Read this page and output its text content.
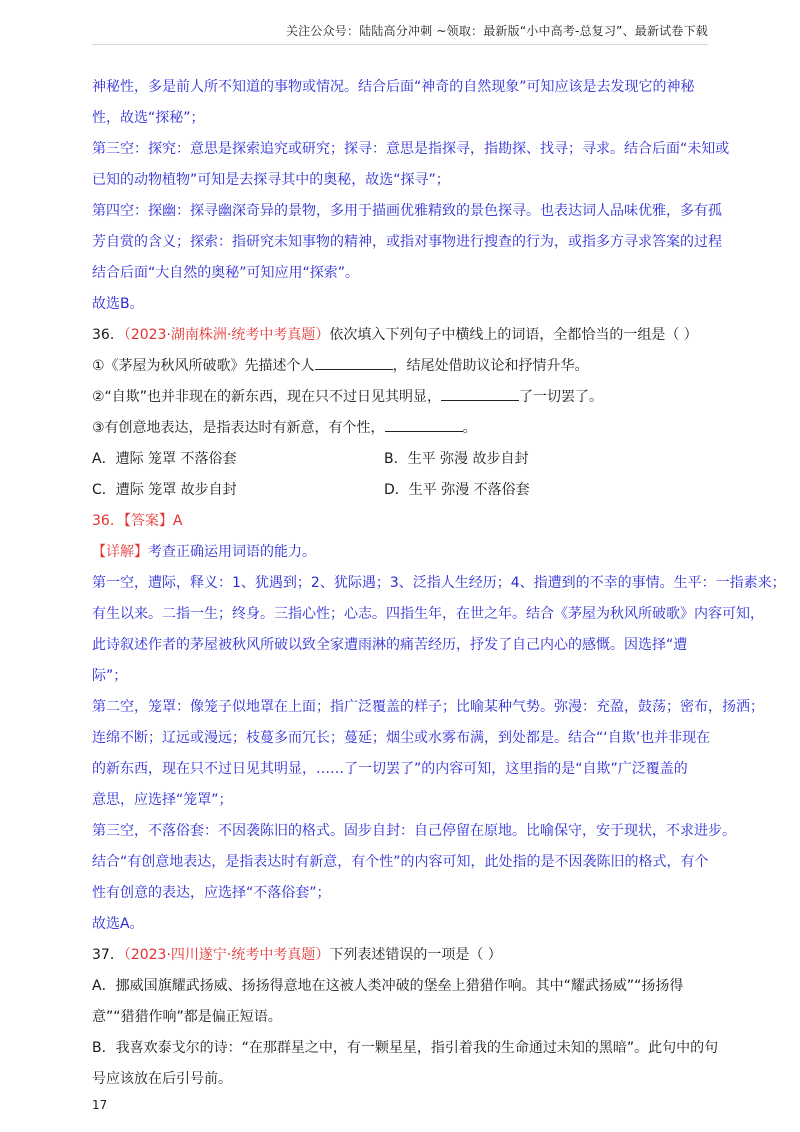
关注公众号：陆陆高分冲刺 ~领取：最新版“小中高考-总复习”、最新试卷下载
神秘性，多是前人所不知道的事物或情况。结合后面“神奇的自然现象”可知应该是去发现它的神秘
性，故选“探秘”；
第三空：探究：意思是探索追究或研究；探寻：意思是指探寻，指勘探、找寻；寻求。结合后面“未知或
已知的动物植物”可知是去探寻其中的奥秘，故选“探寻”；
第四空：探幽：探寻幽深奇异的景物，多用于描画优雅精致的景色探寻。也表达词人品味优雅，多有孤
芳自赏的含义；探索：指研究未知事物的精神，或指对事物进行搜查的行为，或指多方寻求答案的过程
结合后面“大自然的奥秘”可知应用“探索”。
故选B。
36．（2023·湖南株洲·统考中考真题）依次填入下列句子中横线上的词语，全都恰当的一组是（ ）
①《茅屋为秋风所破歌》先描述个人	，结尾处借助议论和抒情升华。
②“自欺”也并非现在的新东西，现在只不过日见其明显，	了一切罢了。
③有创意地表达，是指表达时有新意，有个性，	。
A．遭际 笼罩 不落俗套	B．生平 弥漫 故步自封
C．遭际 笼罩 故步自封	D．生平 弥漫 不落俗套
36．【答案】A
【详解】考查正确运用词语的能力。
第一空，遭际，释义：1、犹遇到；2、犹际遇；3、泛指人生经历；4、指遭到的不幸的事情。生平：一指素来；
有生以来。二指一生；终身。三指心性；心志。四指生年，在世之年。结合《茅屋为秋风所破歌》内容可知，
此诗叙述作者的茅屋被秋风所破以致全家遭雨淋的痛苦经历，抒发了自己内心的感慨。因选择“遭
际”；
第二空，笼罩：像笼子似地罩在上面；指广泛覆盖的样子；比喻某种气势。弥漫：充盈，鼓荡；密布，扬洒；
连绵不断；辽远或漫远；枝蔓多而冗长；蔓延；烟尘或水雾布满，到处都是。结合“‘自欺’也并非现在
的新东西，现在只不过日见其明显，……了一切罢了”的内容可知，这里指的是“自欺”广泛覆盖的
意思，应选择“笼罩”；
第三空，不落俗套：不因袭陈旧的格式。固步自封：自己停留在原地。比喻保守，安于现状，不求进步。
结合“有创意地表达，是指表达时有新意，有个性”的内容可知，此处指的是不因袭陈旧的格式，有个
性有创意的表达，应选择“不落俗套”；
故选A。
37．（2023·四川遂宁·统考中考真题）下列表述错误的一项是（ ）
A．挪威国旗耀武扬威、扬扬得意地在这被人类冲破的堡垒上猎猎作响。其中“耀武扬威”“扬扬得
意”“猎猎作响”都是偏正短语。
B．我喜欢泰戈尔的诗：“在那群星之中，有一颗星星，指引着我的生命通过未知的黑暗”。此句中的句
号应该放在后引号前。
17
